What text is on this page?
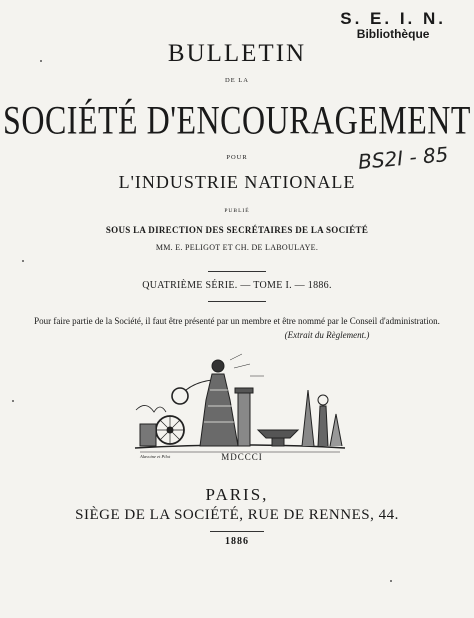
S. E. I. N.
Bibliothèque
BS2I - 85
BULLETIN
DE LA
SOCIÉTÉ D'ENCOURAGEMENT
POUR
L'INDUSTRIE NATIONALE
PUBLIÉ
SOUS LA DIRECTION DES SECRÉTAIRES DE LA SOCIÉTÉ
MM. E. PELIGOT ET CH. DE LABOULAYE.
QUATRIÈME SÉRIE. — TOME I. — 1886.
Pour faire partie de la Société, il faut être présenté par un membre et être nommé par le Conseil d'administration.
(Extrait du Règlement.)
Alavoine et Pilot	MDCCCI
PARIS,
SIÈGE DE LA SOCIÉTÉ, RUE DE RENNES, 44.
1886
